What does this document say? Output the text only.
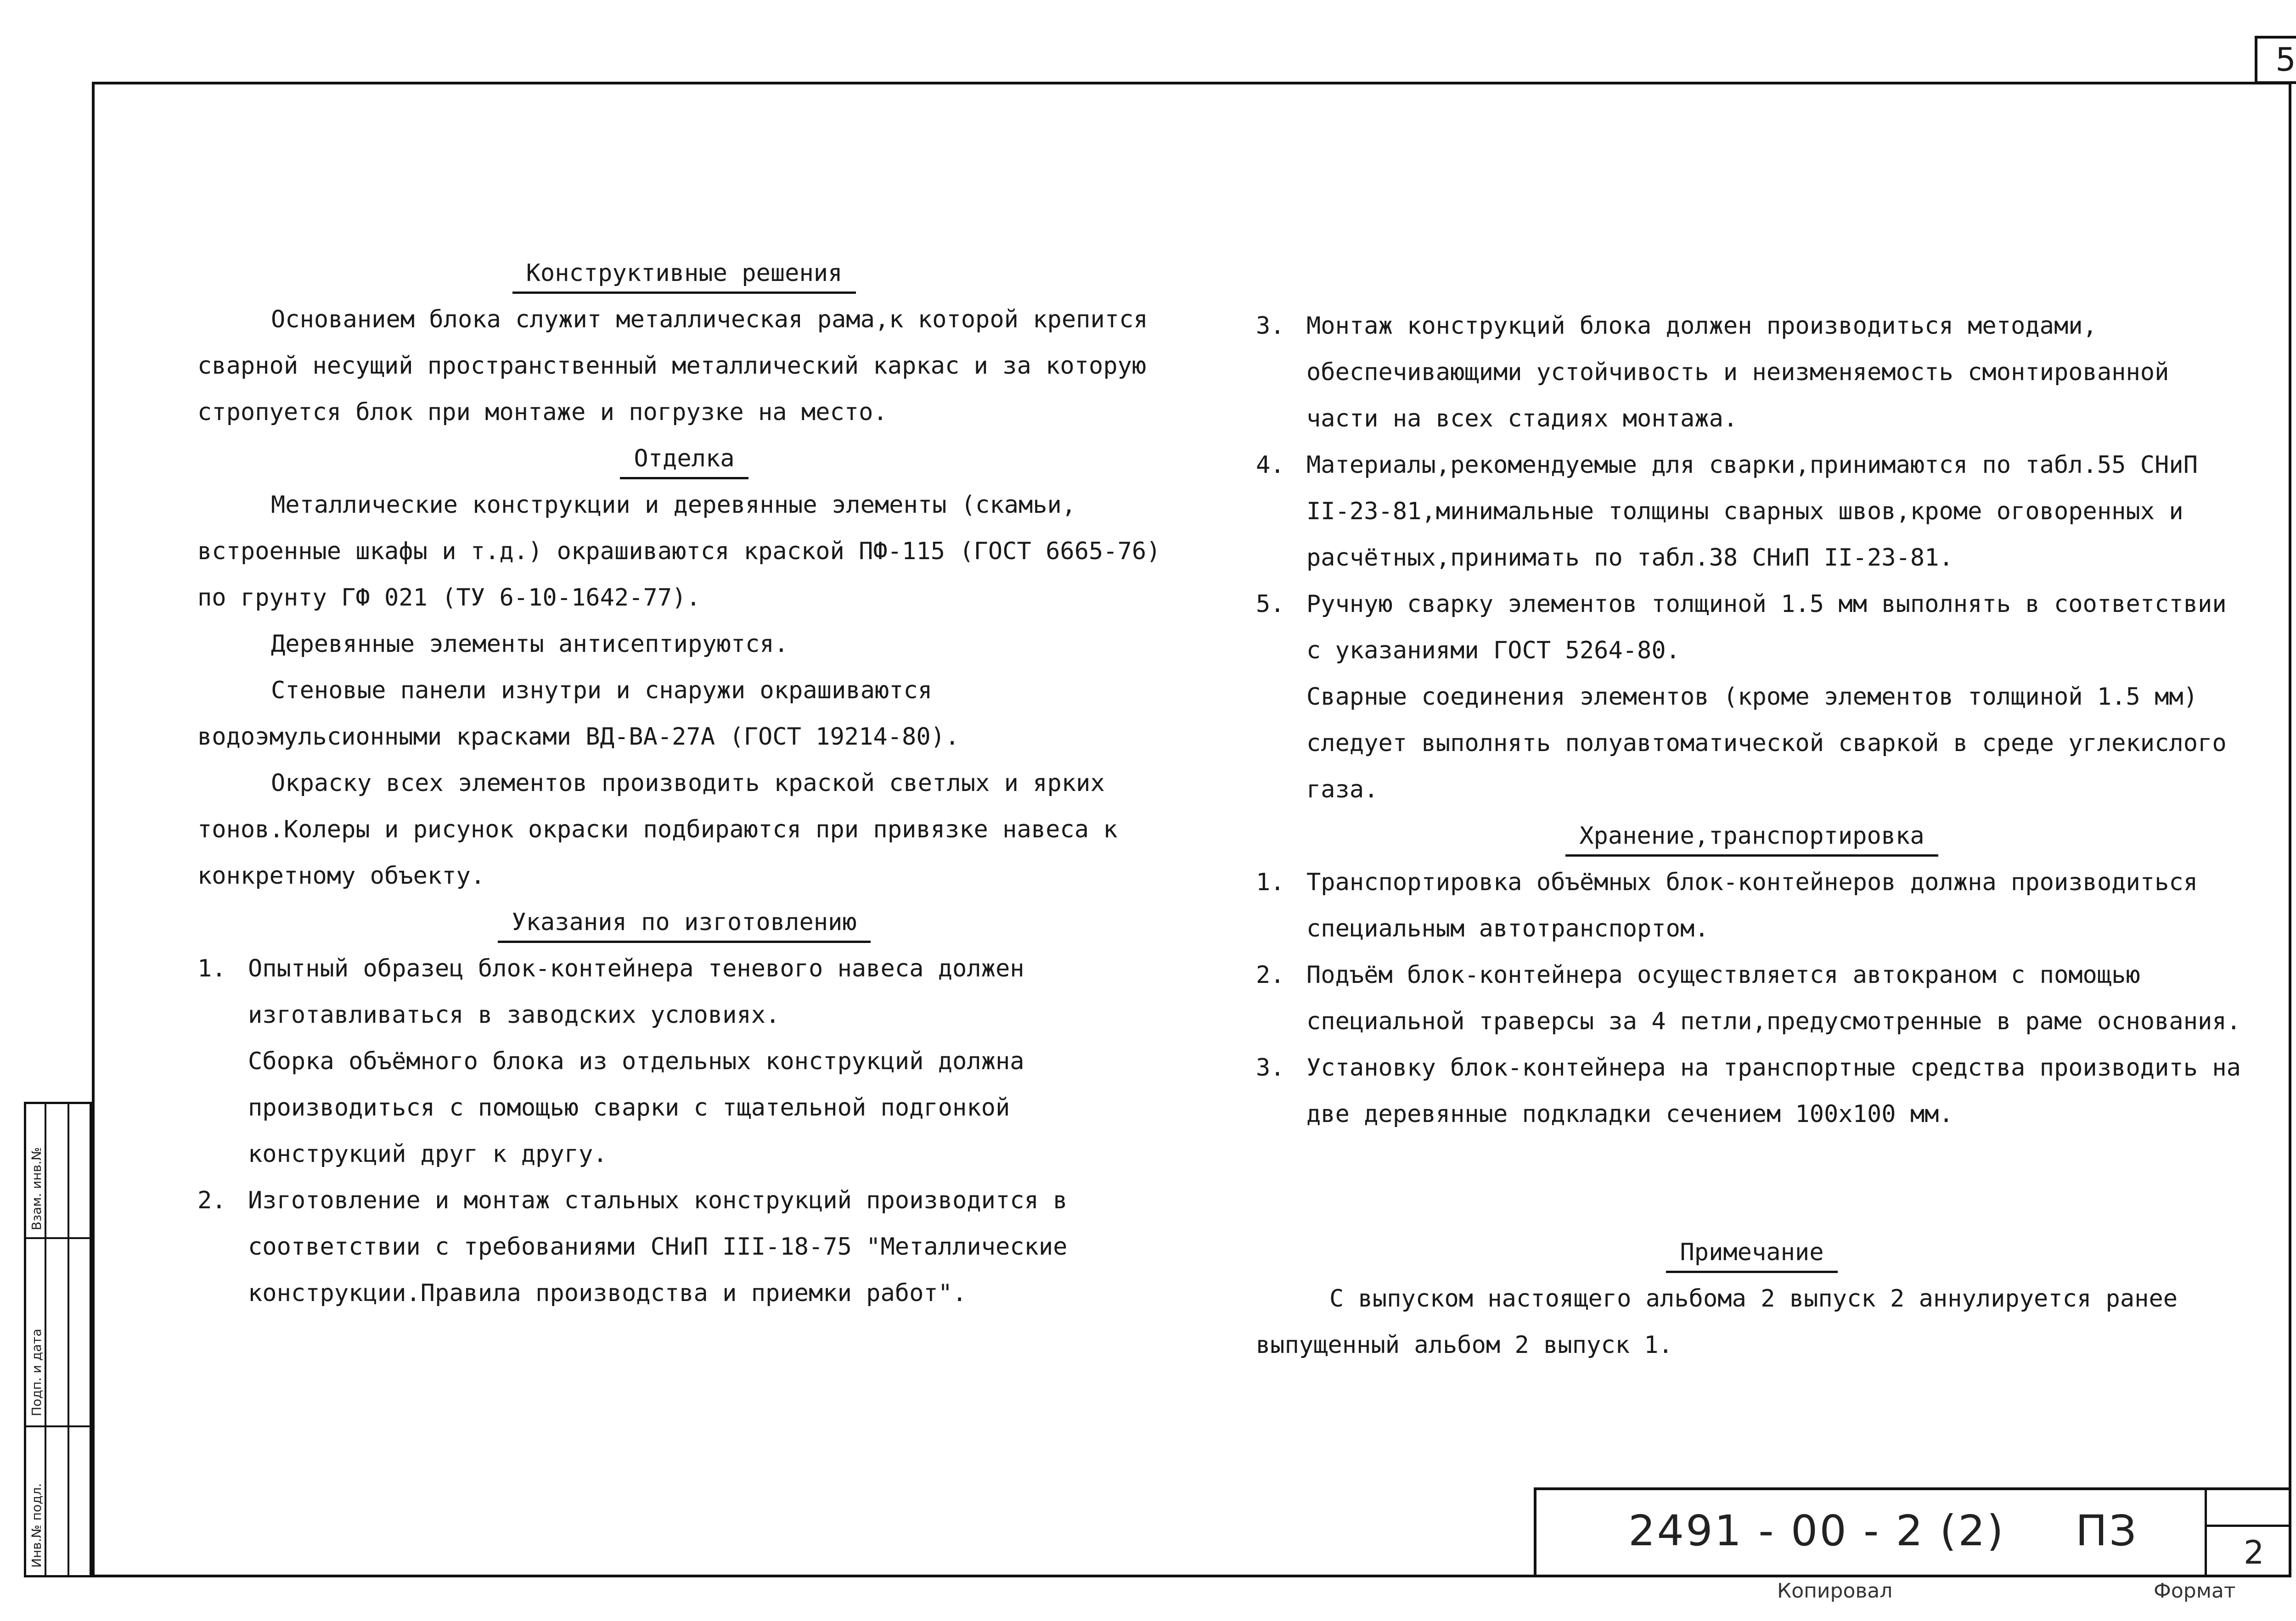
5
Взам. инв.№
Подп. и дата
Инв.№ подл.
Конструктивные решения

Основанием блока служит металлическая рама,к которой крепится сварной несущий пространственный металлический каркас и за которую стропуется блок при монтаже и погрузке на место.

Отделка

Металлические конструкции и деревянные элементы (скамьи, встроенные шкафы и т.д.) окрашиваются краской ПФ-115 (ГОСТ 6665-76) по грунту ГФ 021 (ТУ 6-10-1642-77).

Деревянные элементы антисептируются.

Стеновые панели изнутри и снаружи окрашиваются водоэмульсионными красками ВД-ВА-27А (ГОСТ 19214-80).

Окраску всех элементов производить краской светлых и ярких тонов.Колеры и рисунок окраски подбираются при привязке навеса к конкретному объекту.

Указания по изготовлению
1. Опытный образец блок-контейнера теневого навеса должен изготавливаться в заводских условиях.

Сборка объёмного блока из отдельных конструкций должна производиться с помощью сварки с тщательной подгонкой конструкций друг к другу.

2. Изготовление и монтаж стальных конструкций производится в соответствии с требованиями СНиП III-18-75 "Металлические конструкции.Правила производства и приемки работ".

3. Монтаж конструкций блока должен производиться методами, обеспечивающими устойчивость и неизменяемость смонтированной части на всех стадиях монтажа.

4. Материалы,рекомендуемые для сварки,принимаются по табл.55 СНиП II-23-81,минимальные толщины сварных швов,кроме оговоренных и расчётных,принимать по табл.38 СНиП II-23-81.

5. Ручную сварку элементов толщиной 1.5 мм выполнять в соответствии с указаниями ГОСТ 5264-80.

Сварные соединения элементов (кроме элементов толщиной 1.5 мм) следует выполнять полуавтоматической сваркой в среде углекислого газа.

Хранение,транспортировка
1. Транспортировка объёмных блок-контейнеров должна производиться специальным автотранспортом.

2. Подъём блок-контейнера осуществляется автокраном с помощью специальной траверсы за 4 петли,предусмотренные в раме основания.

3. Установку блок-контейнера на транспортные средства производить на две деревянные подкладки сечением 100х100 мм.

Примечание

С выпуском настоящего альбома 2 выпуск 2 аннулируется ранее выпущенный альбом 2 выпуск 1.

2491 - 00 - 2 (2) ПЗ	2
Копировал	Формат
